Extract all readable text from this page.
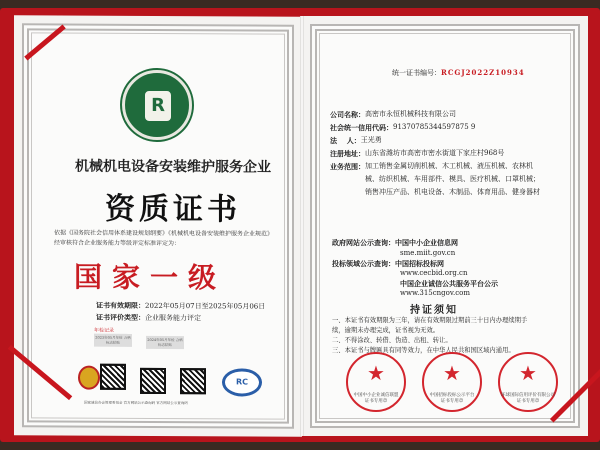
R
机械机电设备安装维护服务企业
资质证书
依据《国务院社会信用体系建设规划纲要》《机械机电设备安装维护服务企业规范》
经审核符合企业服务能力等级评定标准评定为：
国家一级
证书有效期限：2022年05月07日至2025年05月06日
证书评价类型：企业服务能力评定
年检记录
2023年05月年检 合格标志粘贴
2024年05月年检 合格标志粘贴
RC
国家诚信办会管理委员会 官方网站公示查询码 官方网站公示查询码
统一证书编号：RCGJ2022Z10934
公司名称： 高密市永恒机械科技有限公司
社会统一信用代码： 91370785344597875 9
法    人： 王光勇
注册地址： 山东省潍坊市高密市密水街道下家庄村968号
业务范围： 加工销售金属切削机械、木工机械、液压机械、农林机械、纺织机械、车用部件、模具、医疗机械、口罩机械；销售冲压产品、机电设备、木制品、体育用品、健身器材
政府网站公示查询：中国中小企业信息网
sme.miit.gov.cn
投标领域公示查询：中国招标投标网
www.cecbid.org.cn
中国企业诚信公共服务平台公示
www.315cngov.com
持证须知
一、本证书有效期限为三年，请在有效期限过期前三十日内办理续期手续，逾期未办理完成，证书视为无效。
二、不得涂改、转借、伪造、出租、转让。
三、本证书与牌匾具有同等效力，在中华人民共和国区域内通用。
★
中国中小企业诚信联盟
证书专用章
★
中国招标投标公示平台
证书专用章
★
环球国际信用评价有限公司
证书专用章
